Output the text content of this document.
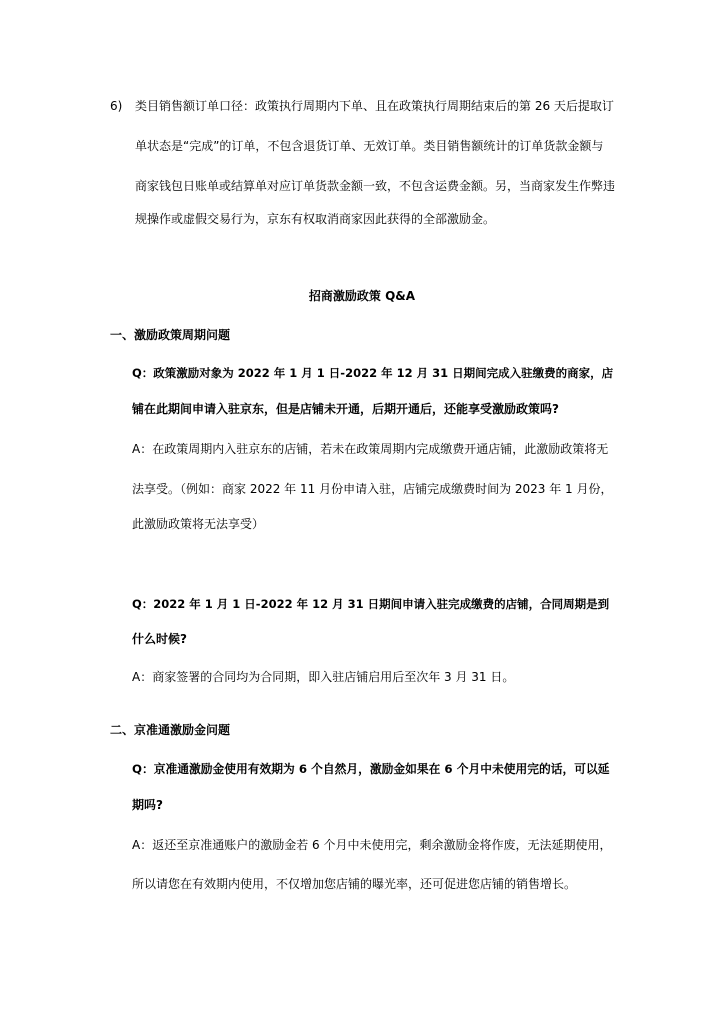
6) 类目销售额订单口径：政策执行周期内下单、且在政策执行周期结束后的第 26 天后提取订
单状态是“完成”的订单，不包含退货订单、无效订单。类目销售额统计的订单货款金额与
商家钱包日账单或结算单对应订单货款金额一致，不包含运费金额。另，当商家发生作弊违
规操作或虚假交易行为，京东有权取消商家因此获得的全部激励金。
招商激励政策 Q&A
一、激励政策周期问题
Q：政策激励对象为 2022 年 1 月 1 日-2022 年 12 月 31 日期间完成入驻缴费的商家，店
铺在此期间申请入驻京东，但是店铺未开通，后期开通后，还能享受激励政策吗?
A：在政策周期内入驻京东的店铺，若未在政策周期内完成缴费开通店铺，此激励政策将无
法享受。（例如：商家 2022 年 11 月份申请入驻，店铺完成缴费时间为 2023 年 1 月份，
此激励政策将无法享受）
Q：2022 年 1 月 1 日-2022 年 12 月 31 日期间申请入驻完成缴费的店铺，合同周期是到
什么时候?
A：商家签署的合同均为合同期，即入驻店铺启用后至次年 3 月 31 日。
二、京准通激励金问题
Q：京准通激励金使用有效期为 6 个自然月，激励金如果在 6 个月中未使用完的话，可以延
期吗?
A：返还至京准通账户的激励金若 6 个月中未使用完，剩余激励金将作废，无法延期使用，
所以请您在有效期内使用，不仅增加您店铺的曝光率，还可促进您店铺的销售增长。
